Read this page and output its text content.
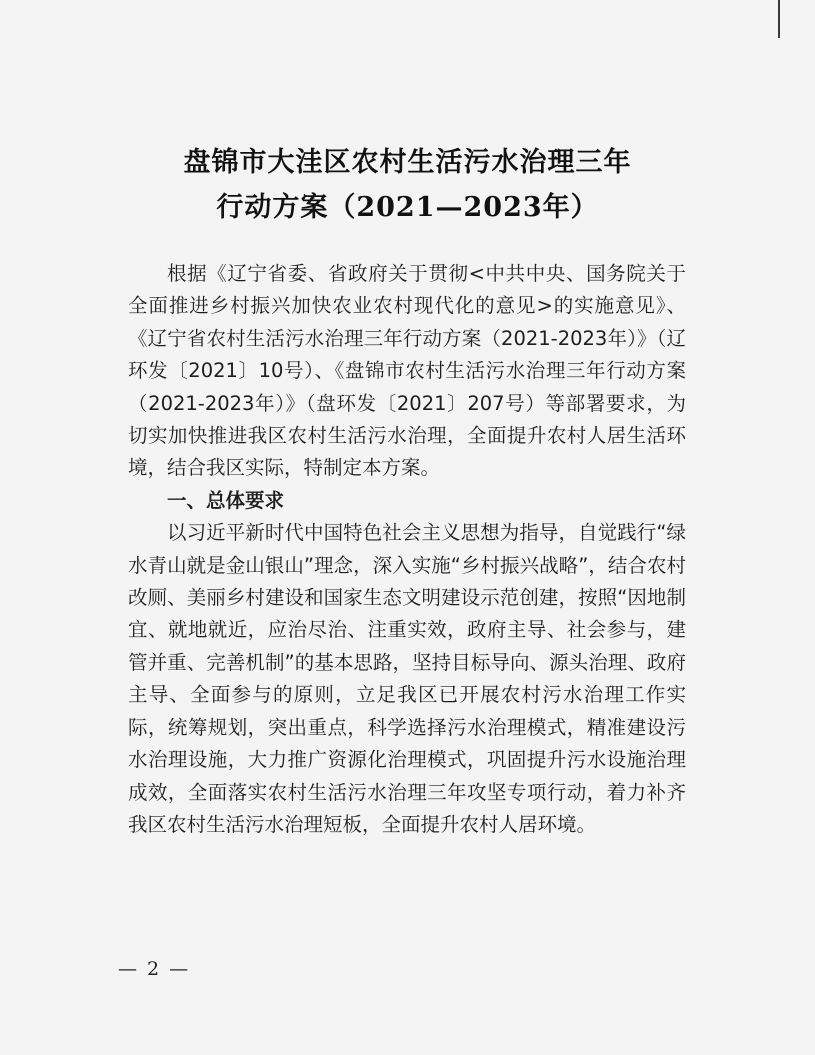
盘锦市大洼区农村生活污水治理三年
行动方案（2021—2023年）

根据《辽宁省委、省政府关于贯彻<中共中央、国务院关于全面推进乡村振兴加快农业农村现代化的意见>的实施意见》、《辽宁省农村生活污水治理三年行动方案（2021-2023年）》（辽环发〔2021〕10号）、《盘锦市农村生活污水治理三年行动方案（2021-2023年）》（盘环发〔2021〕207号）等部署要求，为切实加快推进我区农村生活污水治理，全面提升农村人居生活环境，结合我区实际，特制定本方案。

一、总体要求

以习近平新时代中国特色社会主义思想为指导，自觉践行“绿水青山就是金山银山”理念，深入实施“乡村振兴战略”，结合农村改厕、美丽乡村建设和国家生态文明建设示范创建，按照“因地制宜、就地就近，应治尽治、注重实效，政府主导、社会参与，建管并重、完善机制”的基本思路，坚持目标导向、源头治理、政府主导、全面参与的原则，立足我区已开展农村污水治理工作实际，统筹规划，突出重点，科学选择污水治理模式，精准建设污水治理设施，大力推广资源化治理模式，巩固提升污水设施治理成效，全面落实农村生活污水治理三年攻坚专项行动，着力补齐我区农村生活污水治理短板，全面提升农村人居环境。

— 2 —
